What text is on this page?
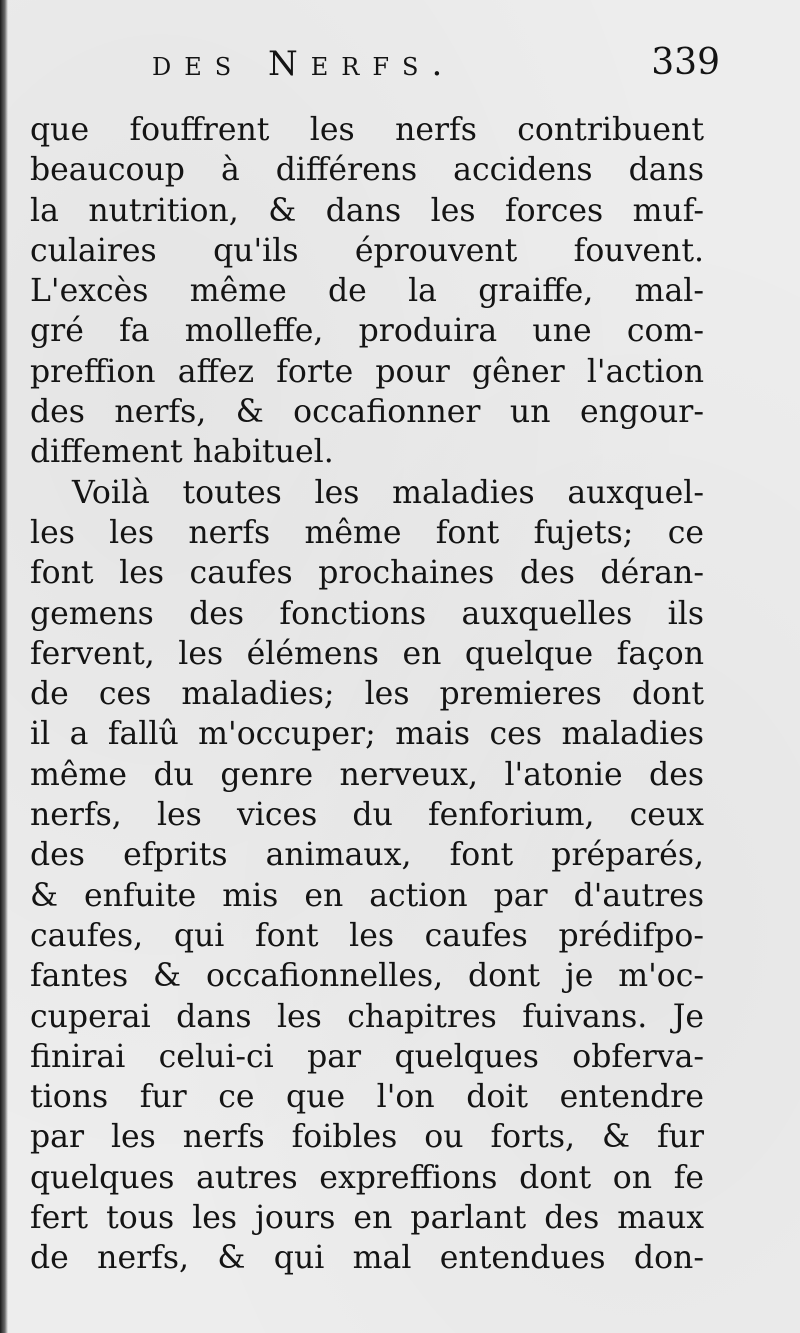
des Nerfs.	339
que fouffrent les nerfs contribuent
beaucoup à différens accidens dans
la nutrition, & dans les forces muf-
culaires qu'ils éprouvent fouvent.
L'excès même de la graiffe, mal-
gré fa molleffe, produira une com-
preffion affez forte pour gêner l'action
des nerfs, & occafionner un engour-
diffement habituel.
Voilà toutes les maladies auxquel-
les les nerfs même font fujets; ce
font les caufes prochaines des déran-
gemens des fonctions auxquelles ils
fervent, les élémens en quelque façon
de ces maladies; les premieres dont
il a fallû m'occuper; mais ces maladies
même du genre nerveux, l'atonie des
nerfs, les vices du fenforium, ceux
des efprits animaux, font préparés,
& enfuite mis en action par d'autres
caufes, qui font les caufes prédifpo-
fantes & occafionnelles, dont je m'oc-
cuperai dans les chapitres fuivans. Je
finirai celui-ci par quelques obferva-
tions fur ce que l'on doit entendre
par les nerfs foibles ou forts, & fur
quelques autres expreffions dont on fe
fert tous les jours en parlant des maux
de nerfs, & qui mal entendues don-
